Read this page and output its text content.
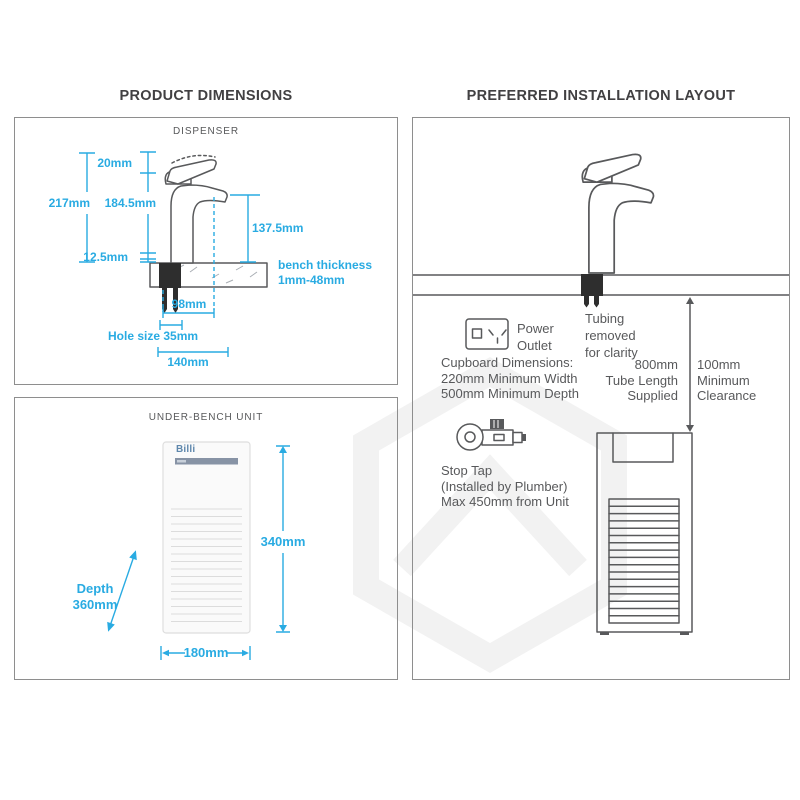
PRODUCT DIMENSIONS	PREFERRED INSTALLATION LAYOUT
DISPENSER
20mm
217mm	184.5mm
137.5mm
12.5mm
bench thickness
1mm-48mm
98mm
Hole size 35mm
140mm
UNDER-BENCH UNIT
Billi
340mm
Depth
360mm
180mm
Power
Outlet
Tubing
removed
for clarity
Cupboard Dimensions:
220mm Minimum Width
500mm Minimum Depth
800mm
Tube Length
Supplied
100mm
Minimum
Clearance
Stop Tap
(Installed by Plumber)
Max 450mm from Unit
